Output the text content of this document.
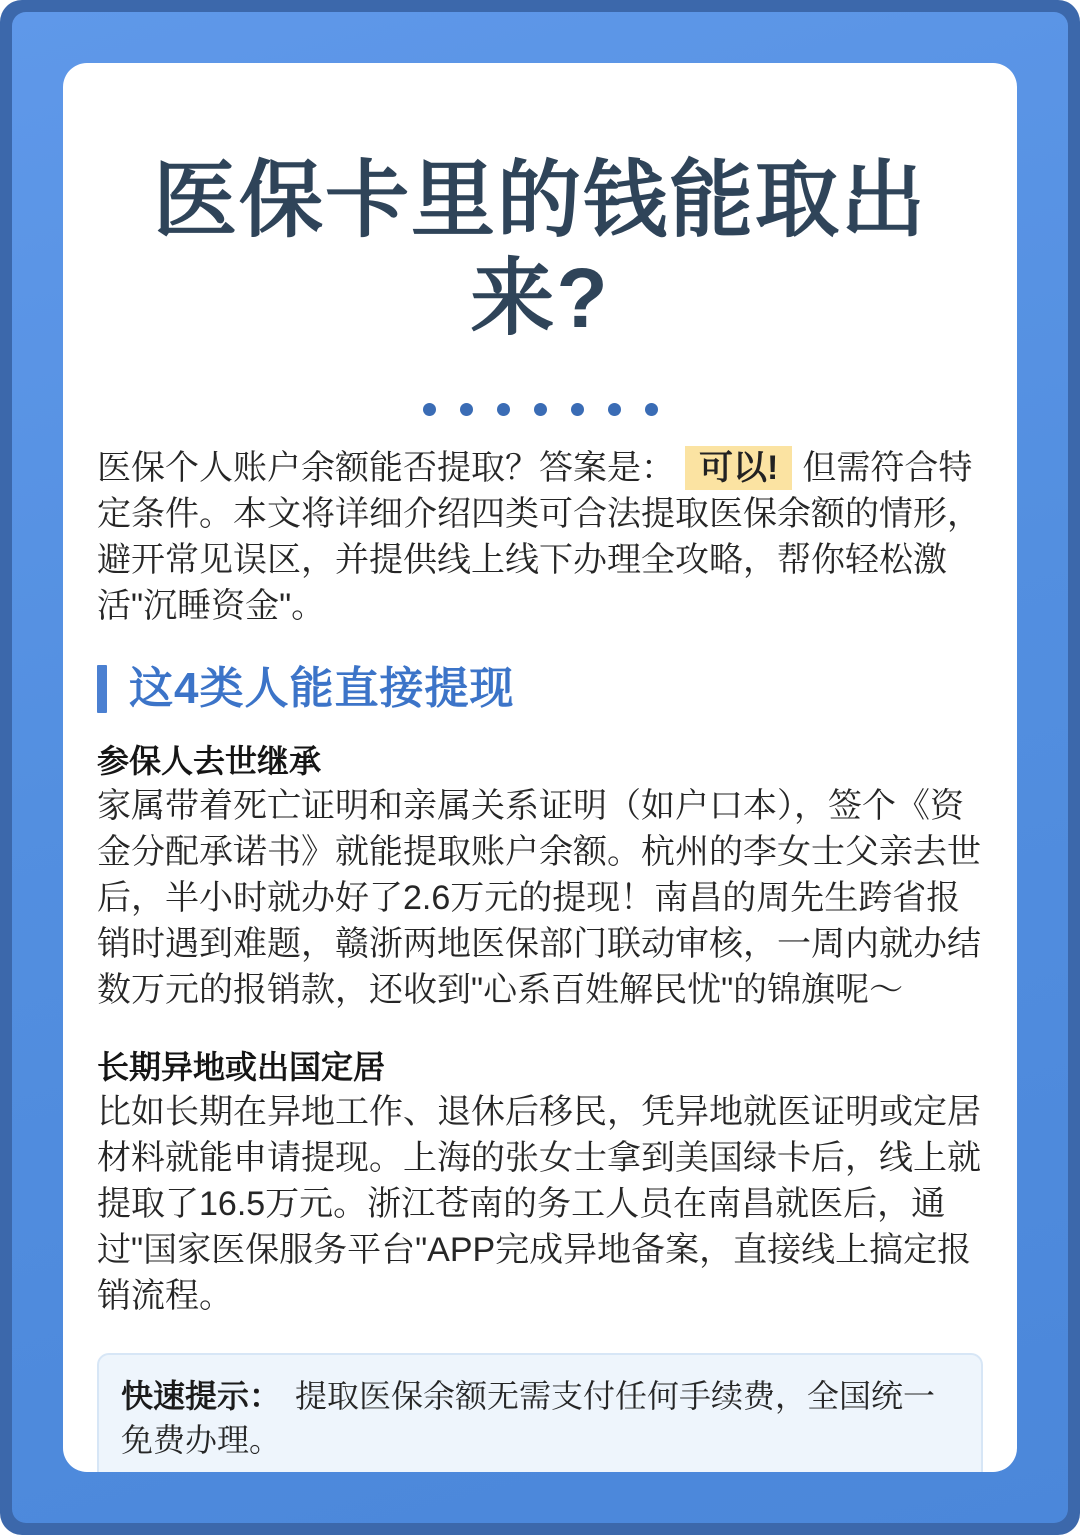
医保卡里的钱能取出来?

医保个人账户余额能否提取？答案是： 可以! 但需符合特定条件。本文将详细介绍四类可合法提取医保余额的情形，避开常见误区，并提供线上线下办理全攻略，帮你轻松激活"沉睡资金"。

这4类人能直接提现
参保人去世继承

家属带着死亡证明和亲属关系证明（如户口本），签个《资金分配承诺书》就能提取账户余额。杭州的李女士父亲去世后，半小时就办好了2.6万元的提现！南昌的周先生跨省报销时遇到难题，赣浙两地医保部门联动审核，一周内就办结数万元的报销款，还收到"心系百姓解民忧"的锦旗呢～

长期异地或出国定居

比如长期在异地工作、退休后移民，凭异地就医证明或定居材料就能申请提现。上海的张女士拿到美国绿卡后，线上就提取了16.5万元。浙江苍南的务工人员在南昌就医后，通过"国家医保服务平台"APP完成异地备案，直接线上搞定报销流程。

快速提示： 提取医保余额无需支付任何手续费，全国统一免费办理。
